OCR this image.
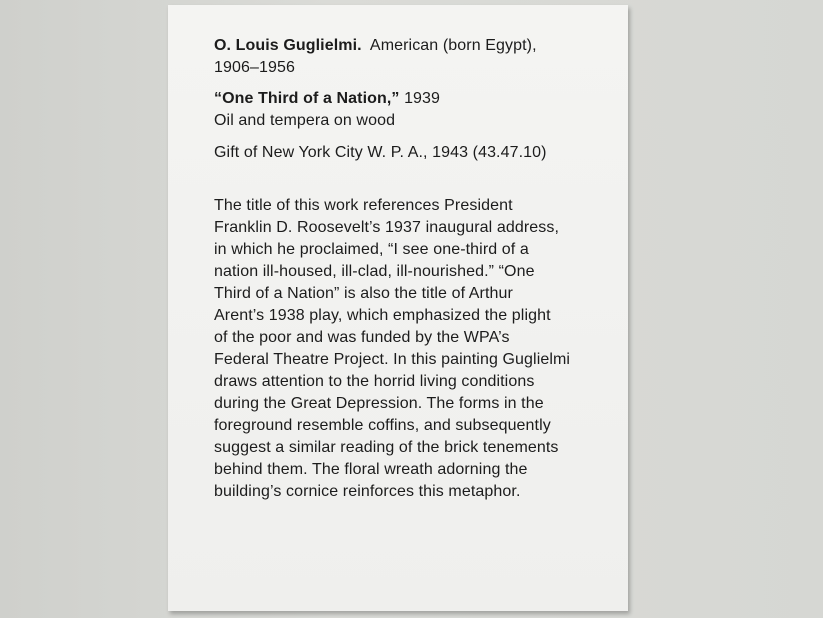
O. Louis Guglielmi. American (born Egypt),
1906–1956
“One Third of a Nation,” 1939
Oil and tempera on wood
Gift of New York City W. P. A., 1943 (43.47.10)
The title of this work references President
Franklin D. Roosevelt’s 1937 inaugural address,
in which he proclaimed, “I see one-third of a
nation ill-housed, ill-clad, ill-nourished.” “One
Third of a Nation” is also the title of Arthur
Arent’s 1938 play, which emphasized the plight
of the poor and was funded by the WPA’s
Federal Theatre Project. In this painting Guglielmi
draws attention to the horrid living conditions
during the Great Depression. The forms in the
foreground resemble coffins, and subsequently
suggest a similar reading of the brick tenements
behind them. The floral wreath adorning the
building’s cornice reinforces this metaphor.
